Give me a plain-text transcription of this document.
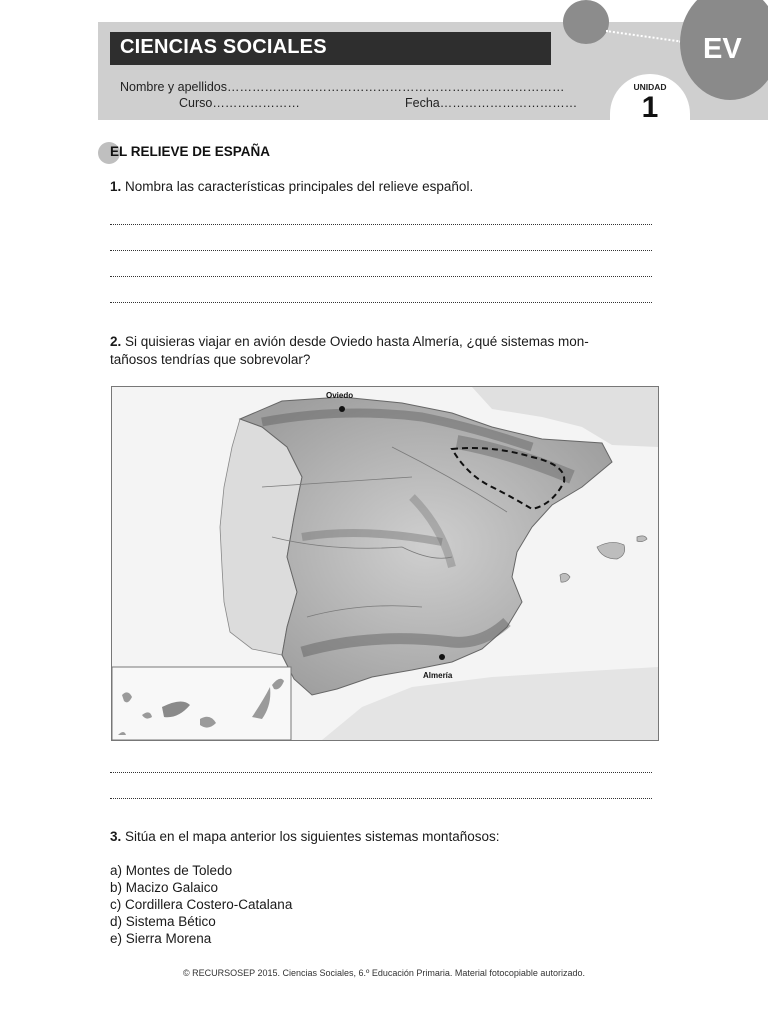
EV
CIENCIAS SOCIALES
Nombre y apellidos………………………………………………………………………
Curso…………………	Fecha……………………………
UNIDAD
1
EL RELIEVE DE ESPAÑA
1. Nombra las características principales del relieve español.
2. Si quisieras viajar en avión desde Oviedo hasta Almería, ¿qué sistemas mon-
tañosos tendrías que sobrevolar?
Oviedo
Almería
3. Sitúa en el mapa anterior los siguientes sistemas montañosos:
a) Montes de Toledo
b) Macizo Galaico
c) Cordillera Costero-Catalana
d) Sistema Bético
e) Sierra Morena
© RECURSOSEP 2015. Ciencias Sociales, 6.º Educación Primaria. Material fotocopiable autorizado.
